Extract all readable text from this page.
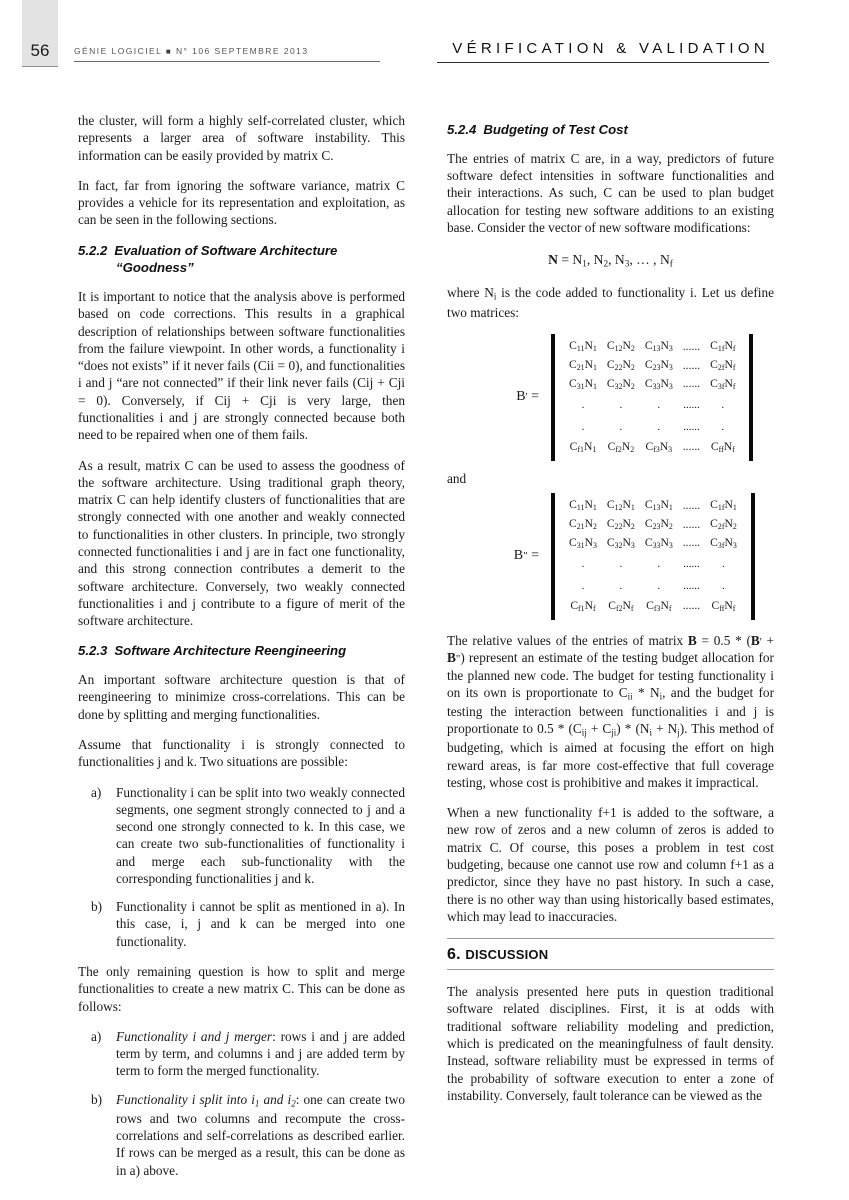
56	GÉNIE LOGICIEL ■ N° 106 SEPTEMBRE 2013	VÉRIFICATION & VALIDATION

the cluster, will form a highly self-correlated cluster, which represents a larger area of software instability. This information can be easily provided by matrix C.

In fact, far from ignoring the software variance, matrix C provides a vehicle for its representation and exploitation, as can be seen in the following sections.

5.2.2 Evaluation of Software Architecture
“Goodness”

It is important to notice that the analysis above is performed based on code corrections. This results in a graphical description of relationships between software functionalities from the failure viewpoint. In other words, a functionality i “does not exists” if it never fails (Cii = 0), and functionalities i and j “are not connected” if their link never fails (Cij + Cji = 0). Conversely, if Cij + Cji is very large, then functionalities i and j are strongly connected because both need to be repaired when one of them fails.

As a result, matrix C can be used to assess the goodness of the software architecture. Using traditional graph theory, matrix C can help identify clusters of functionalities that are strongly connected with one another and weakly connected to functionalities in other clusters. In principle, two strongly connected functionalities i and j are in fact one functionality, and this strong connection contributes a demerit to the software architecture. Conversely, two weakly connected functionalities i and j contribute to a figure of merit of the software architecture.

5.2.3 Software Architecture Reengineering

An important software architecture question is that of reengineering to minimize cross-correlations. This can be done by splitting and merging functionalities.

Assume that functionality i is strongly connected to functionalities j and k. Two situations are possible:

a)	Functionality i can be split into two weakly connected segments, one segment strongly connected to j and a second one strongly connected to k. In this case, we can create two sub-functionalities of functionality i and merge each sub-functionality with the corresponding functionalities j and k.
b)	Functionality i cannot be split as mentioned in a). In this case, i, j and k can be merged into one functionality.

The only remaining question is how to split and merge functionalities to create a new matrix C. This can be done as follows:

a)	Functionality i and j merger: rows i and j are added term by term, and columns i and j are added term by term to form the merged functionality.
b)	Functionality i split into $i_1$ and $i_2$: one can create two rows and two columns and recompute the cross-correlations and self-correlations as described earlier. If rows can be merged as a result, this can be done as in a) above.
5.2.4 Budgeting of Test Cost

The entries of matrix C are, in a way, predictors of future software defect intensities in software functionalities and their interactions. As such, C can be used to plan budget allocation for testing new software additions to an existing base. Consider the vector of new software modifications:

$N = N_1$, $N_2$, $N_3$, … , $N_f$

where $N_i$ is the code added to functionality i. Let us define two matrices:

B' =
$C_{11}N_1$	$C_{12}N_2$	$C_{13}N_3$	......	$C_{1f}N_f$
$C_{21}N_1$	$C_{22}N_2$	$C_{23}N_3$	......	$C_{2f}N_f$
$C_{31}N_1$	$C_{32}N_2$	$C_{33}N_3$	......	$C_{3f}N_f$
.	.	.	......	.
.	.	.	......	.
$C_{f1}N_1$	$C_{f2}N_2$	$C_{f3}N_3$	......	$C_{ff}N_f$
and
B" =
$C_{11}N_1$	$C_{12}N_1$	$C_{13}N_1$	......	$C_{1f}N_1$
$C_{21}N_2$	$C_{22}N_2$	$C_{23}N_2$	......	$C_{2f}N_2$
$C_{31}N_3$	$C_{32}N_3$	$C_{33}N_3$	......	$C_{3f}N_3$
.	.	.	......	.
.	.	.	......	.
$C_{f1}N_f$	$C_{f2}N_f$	$C_{f3}N_f$	......	$C_{ff}N_f$

The relative values of the entries of matrix B = 0.5 * (B' + B") represent an estimate of the testing budget allocation for the planned new code. The budget for testing functionality i on its own is proportionate to $C_{ii} * N_i$, and the budget for testing the interaction between functionalities i and j is proportionate to $0.5 * (C_{ij} + C_{ji}) * (N_i + N_j)$. This method of budgeting, which is aimed at focusing the effort on high reward areas, is far more cost-effective that full coverage testing, whose cost is prohibitive and makes it impractical.

When a new functionality f+1 is added to the software, a new row of zeros and a new column of zeros is added to matrix C. Of course, this poses a problem in test cost budgeting, because one cannot use row and column f+1 as a predictor, since they have no past history. In such a case, there is no other way than using historically based estimates, which may lead to inaccuracies.

6. DISCUSSION

The analysis presented here puts in question traditional software related disciplines. First, it is at odds with traditional software reliability modeling and prediction, which is predicated on the meaningfulness of fault density. Instead, software reliability must be expressed in terms of the probability of software execution to enter a zone of instability. Conversely, fault tolerance can be viewed as the
